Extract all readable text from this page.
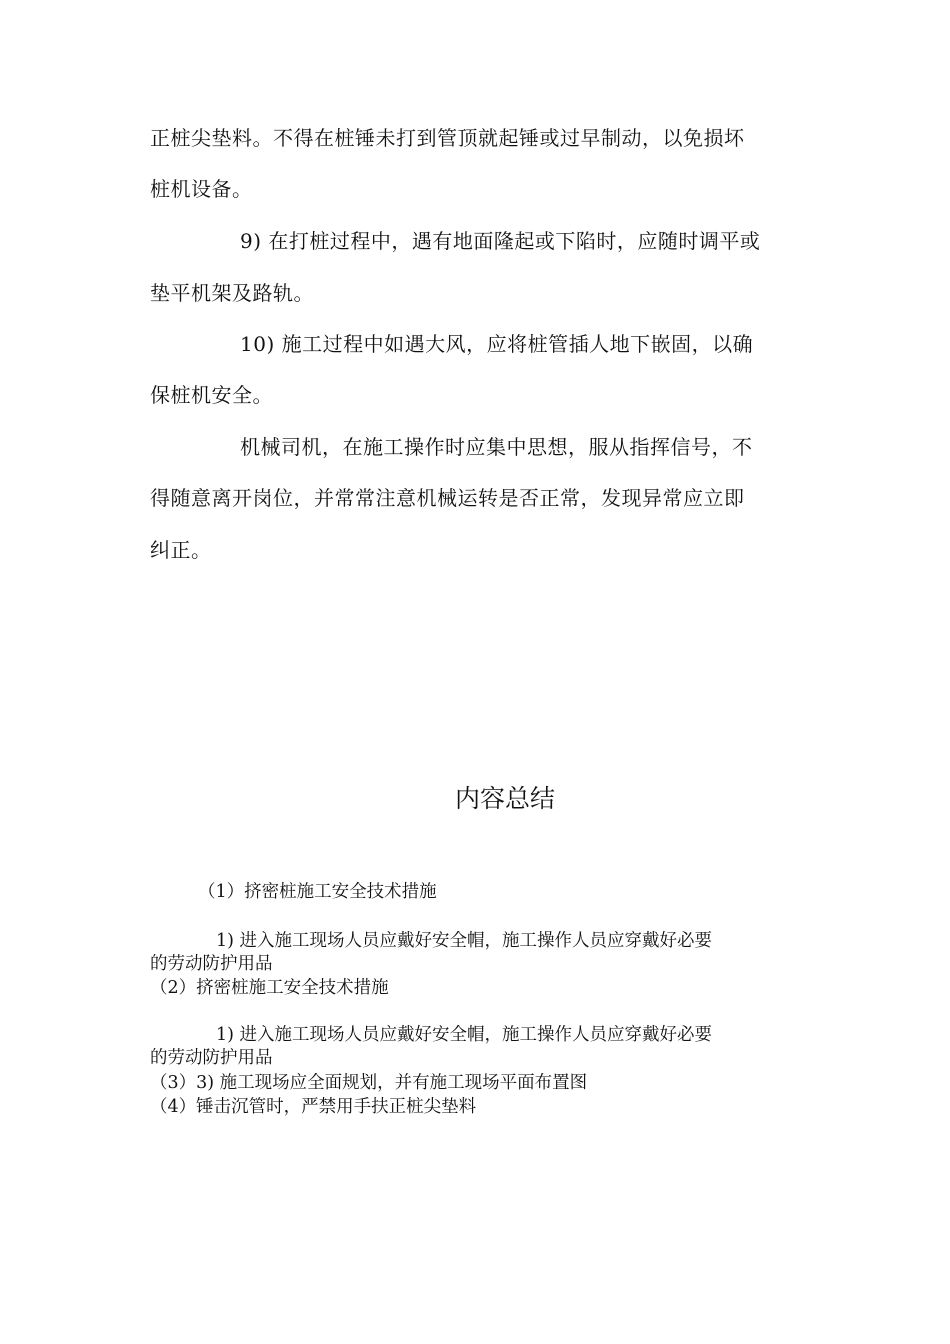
正桩尖垫料。不得在桩锤未打到管顶就起锤或过早制动，以免损坏
桩机设备。
9) 在打桩过程中，遇有地面隆起或下陷时，应随时调平或
垫平机架及路轨。
10) 施工过程中如遇大风，应将桩管插人地下嵌固，以确
保桩机安全。
机械司机，在施工操作时应集中思想，服从指挥信号，不
得随意离开岗位，并常常注意机械运转是否正常，发现异常应立即
纠正。
内容总结
（1）挤密桩施工安全技术措施
1) 进入施工现场人员应戴好安全帽，施工操作人员应穿戴好必要
的劳动防护用品
（2）挤密桩施工安全技术措施
1) 进入施工现场人员应戴好安全帽，施工操作人员应穿戴好必要
的劳动防护用品
（3）3) 施工现场应全面规划，并有施工现场平面布置图
（4）锤击沉管时，严禁用手扶正桩尖垫料
